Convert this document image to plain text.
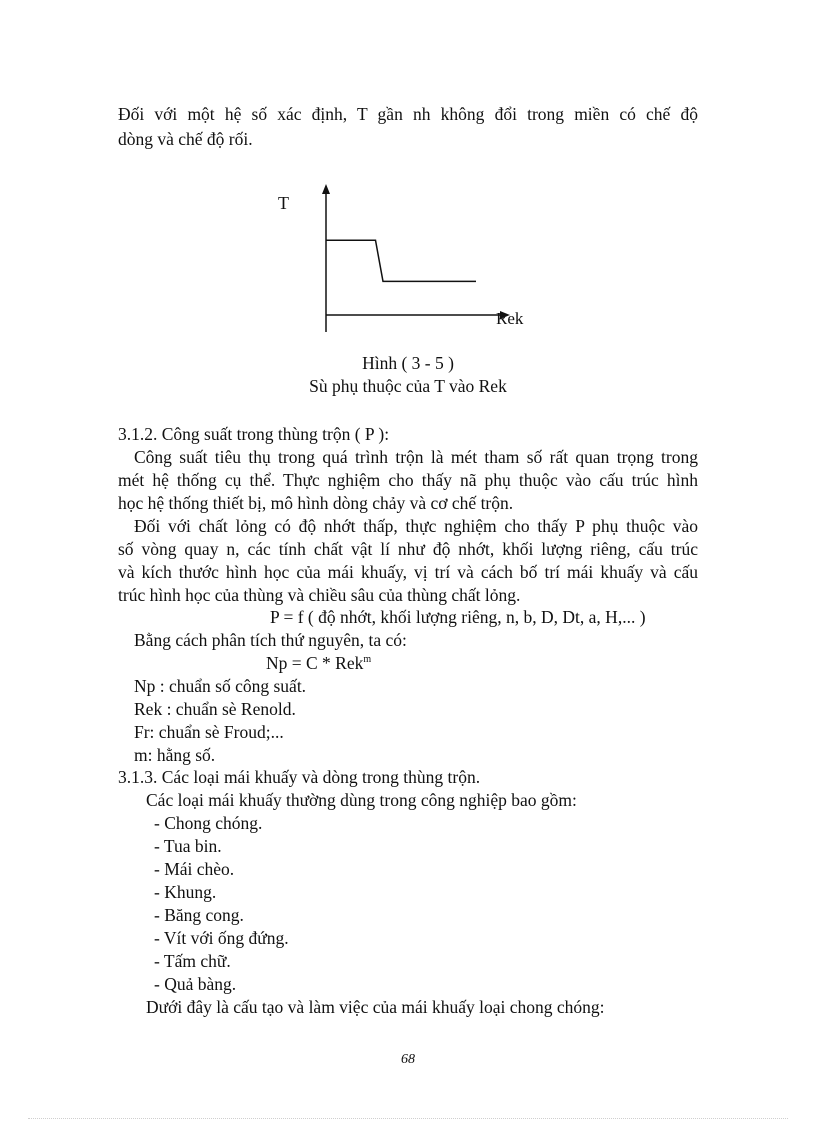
Đối với một hệ số xác định, T gần nh không đổi trong miền có chế độ
dòng và chế độ rối.
T
Rek
Hình ( 3 - 5 )
Sù phụ thuộc của T vào Rek
3.1.2. Công suất trong thùng trộn ( P ):
Công suất tiêu thụ trong quá trình trộn là mét tham số rất quan trọng trong
mét hệ thống cụ thể. Thực nghiệm cho thấy nã phụ thuộc vào cấu trúc hình
học hệ thống thiết bị, mô hình dòng chảy và cơ chế trộn.
Đối với chất lỏng có độ nhớt thấp, thực nghiệm cho thấy P phụ thuộc vào
số vòng quay n, các tính chất vật lí như độ nhớt, khối lượng riêng, cấu trúc
và kích thước hình học của mái khuấy, vị trí và cách bố trí mái khuấy và cấu
trúc hình học của thùng và chiều sâu của thùng chất lỏng.
P = f ( độ nhớt, khối lượng riêng, n, b, D, Dt, a, H,... )
Bằng cách phân tích thứ nguyên, ta có:
Np = C * Rek$^m$
Np : chuẩn số công suất.
Rek : chuẩn sè Renold.
Fr: chuẩn sè Froud;...
m: hằng số.
3.1.3. Các loại mái khuấy và dòng trong thùng trộn.
Các loại mái khuấy thường dùng trong công nghiệp bao gồm:
- Chong chóng.
- Tua bin.
- Mái chèo.
- Khung.
- Băng cong.
- Vít với ống đứng.
- Tấm chữ.
- Quả bàng.
Dưới đây là cấu tạo và làm việc của mái khuấy loại chong chóng:
68
